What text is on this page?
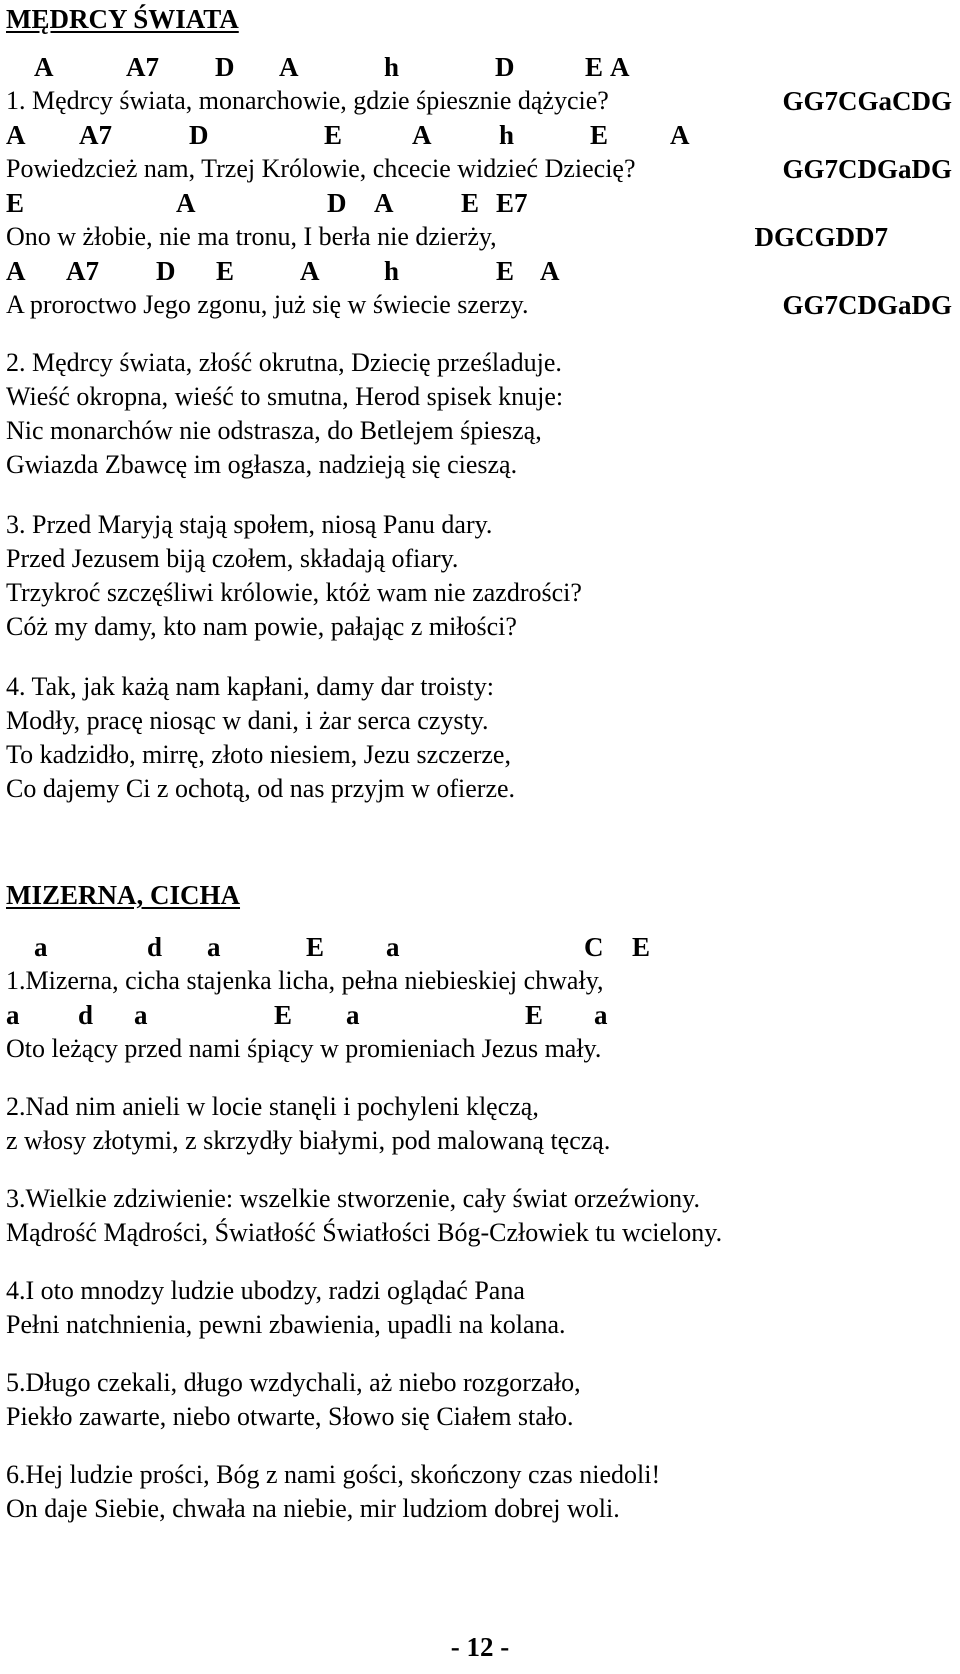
MĘDRCY ŚWIATA

A

	A7

D

A

	h

	D

	E

A

1. Mędrcy świata, monarchowie, gdzie śpiesznie dążycie?	GG7CGaCDG

A

A7

	D

	E

	A

	h

	E

A

Powiedzcież nam, Trzej Królowie, chcecie widzieć Dziecię?	GG7CDGaDG

E

	A

	D

A

	E

E7

Ono w żłobie, nie ma tronu, I berła nie dzierży,	DGCGDD7

A

A7

D

E

A

h

	E

A

A proroctwo Jego zgonu, już się w świecie szerzy.	GG7CDGaDG
2. Mędrcy świata, złość okrutna, Dziecię prześladuje.
Wieść okropna, wieść to smutna, Herod spisek knuje:
Nic monarchów nie odstrasza, do Betlejem śpieszą,
Gwiazda Zbawcę im ogłasza, nadzieją się cieszą.
3. Przed Maryją stają społem, niosą Panu dary.
Przed Jezusem biją czołem, składają ofiary.
Trzykroć szczęśliwi królowie, któż wam nie zazdrości?
Cóż my damy, kto nam powie, pałając z miłości?
4. Tak, jak każą nam kapłani, damy dar troisty:
Modły, pracę niosąc w dani, i żar serca czysty.
To kadzidło, mirrę, złoto niesiem, Jezu szczerze,
Co dajemy Ci z ochotą, od nas przyjm w ofierze.
MIZERNA, CICHA

a

	d

a

	E

a

	C

E

1.Mizerna, cicha stajenka licha, pełna niebieskiej chwały,

a

d

a

	E

a

	E

a

Oto leżący przed nami śpiący w promieniach Jezus mały.
2.Nad nim anieli w locie stanęli i pochyleni klęczą,
z włosy złotymi, z skrzydły białymi, pod malowaną tęczą.
3.Wielkie zdziwienie: wszelkie stworzenie, cały świat orzeźwiony.
Mądrość Mądrości, Światłość Światłości Bóg-Człowiek tu wcielony.
4.I oto mnodzy ludzie ubodzy, radzi oglądać Pana
Pełni natchnienia, pewni zbawienia, upadli na kolana.
5.Długo czekali, długo wzdychali, aż niebo rozgorzało,
Piekło zawarte, niebo otwarte, Słowo się Ciałem stało.
6.Hej ludzie prości, Bóg z nami gości, skończony czas niedoli!
On daje Siebie, chwała na niebie, mir ludziom dobrej woli.
- 12 -
